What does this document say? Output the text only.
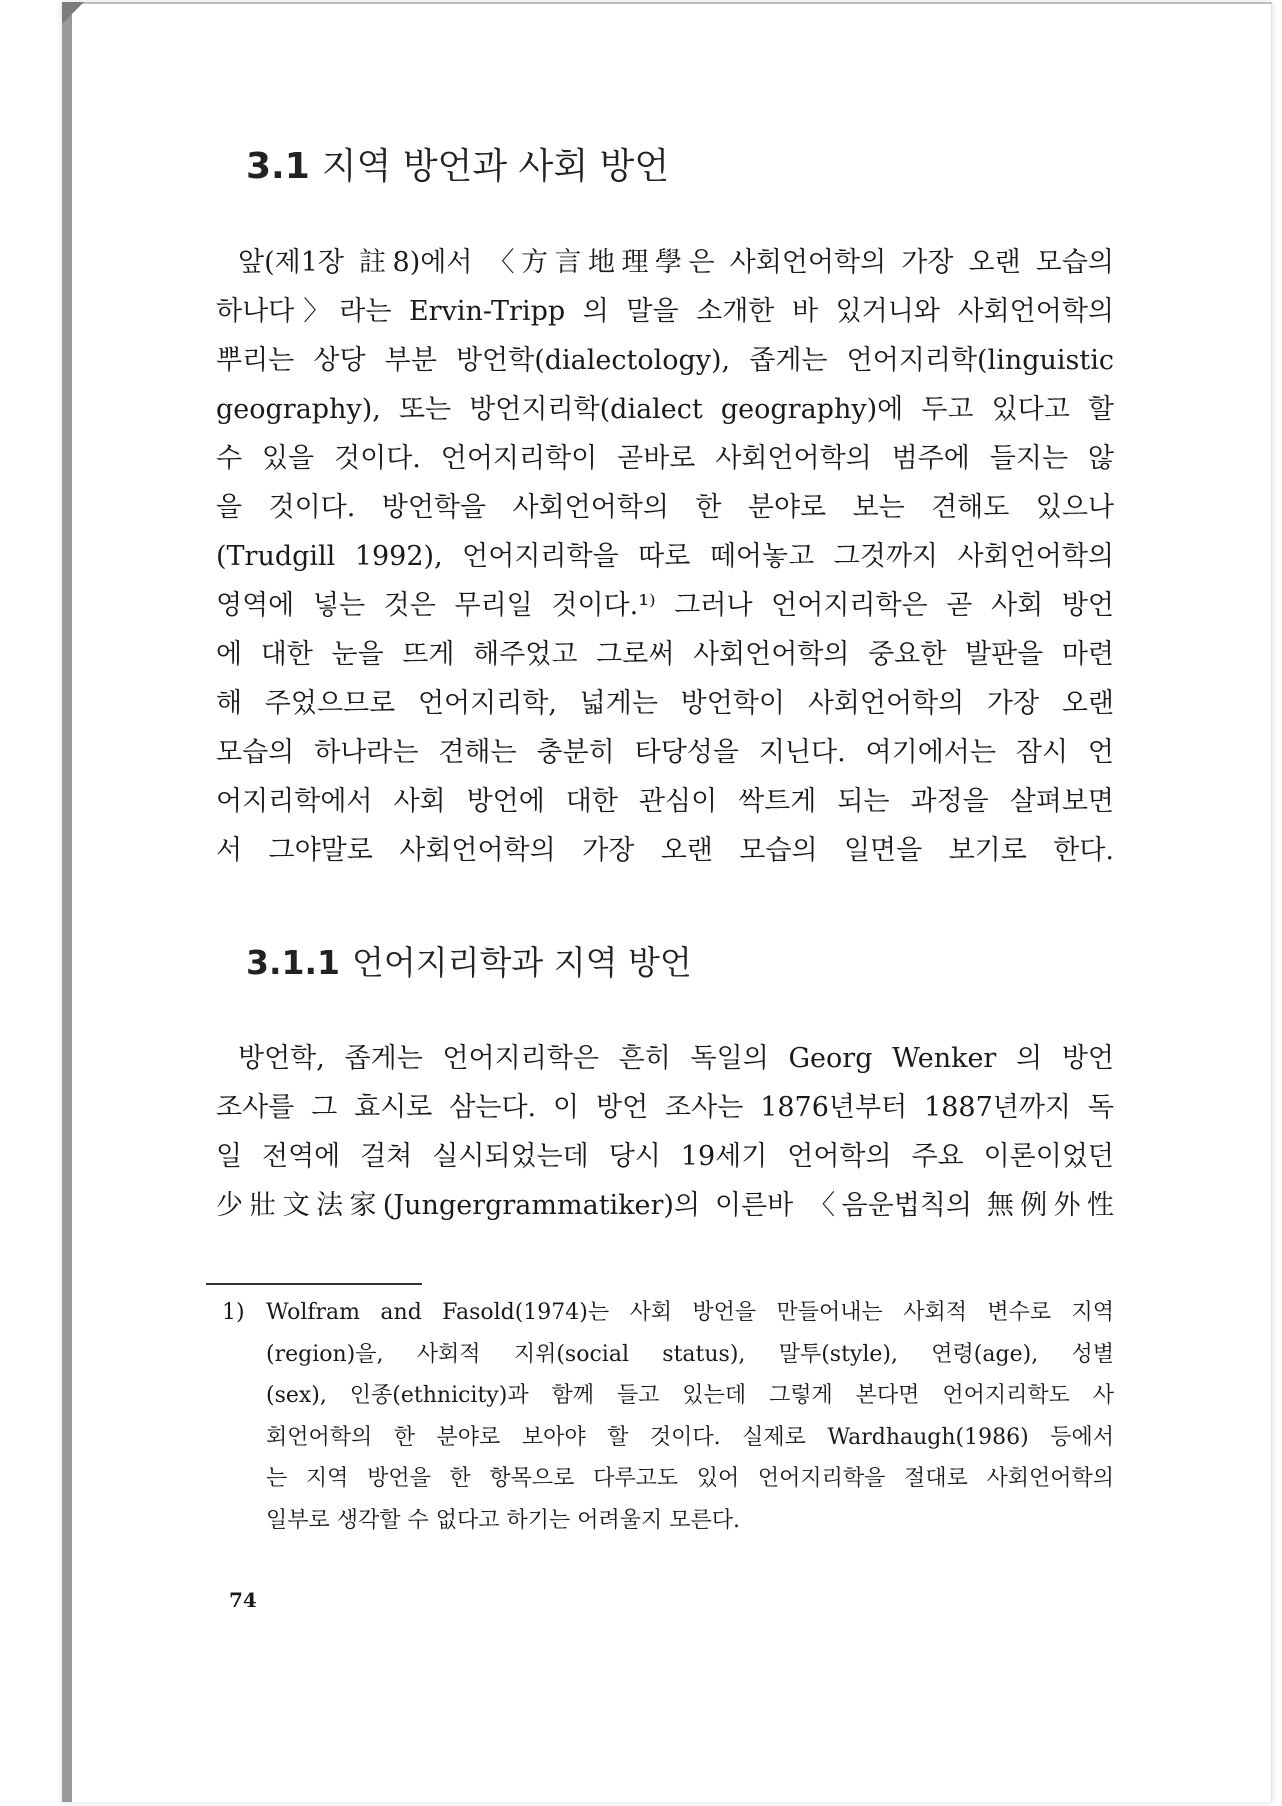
3.1 지역 방언과 사회 방언

앞(제1장 註8)에서 〈方言地理學은 사회언어학의 가장 오랜 모습의
하나다〉라는 Ervin-Tripp 의 말을 소개한 바 있거니와 사회언어학의
뿌리는 상당 부분 방언학(dialectology), 좁게는 언어지리학(linguistic
geography), 또는 방언지리학(dialect geography)에 두고 있다고 할
수 있을 것이다. 언어지리학이 곧바로 사회언어학의 범주에 들지는 않
을 것이다. 방언학을 사회언어학의 한 분야로 보는 견해도 있으나
(Trudgill 1992), 언어지리학을 따로 떼어놓고 그것까지 사회언어학의
영역에 넣는 것은 무리일 것이다.¹⁾ 그러나 언어지리학은 곧 사회 방언
에 대한 눈을 뜨게 해주었고 그로써 사회언어학의 중요한 발판을 마련
해 주었으므로 언어지리학, 넓게는 방언학이 사회언어학의 가장 오랜
모습의 하나라는 견해는 충분히 타당성을 지닌다. 여기에서는 잠시 언
어지리학에서 사회 방언에 대한 관심이 싹트게 되는 과정을 살펴보면
서 그야말로 사회언어학의 가장 오랜 모습의 일면을 보기로 한다.

3.1.1 언어지리학과 지역 방언

방언학, 좁게는 언어지리학은 흔히 독일의 Georg Wenker 의 방언
조사를 그 효시로 삼는다. 이 방언 조사는 1876년부터 1887년까지 독
일 전역에 걸쳐 실시되었는데 당시 19세기 언어학의 주요 이론이었던
少壯文法家(Jungergrammatiker)의 이른바 〈음운법칙의 無例外性

1) Wolfram and Fasold(1974)는 사회 방언을 만들어내는 사회적 변수로 지역
(region)을, 사회적 지위(social status), 말투(style), 연령(age), 성별
(sex), 인종(ethnicity)과 함께 들고 있는데 그렇게 본다면 언어지리학도 사
회언어학의 한 분야로 보아야 할 것이다. 실제로 Wardhaugh(1986) 등에서
는 지역 방언을 한 항목으로 다루고도 있어 언어지리학을 절대로 사회언어학의
일부로 생각할 수 없다고 하기는 어려울지 모른다.

74
